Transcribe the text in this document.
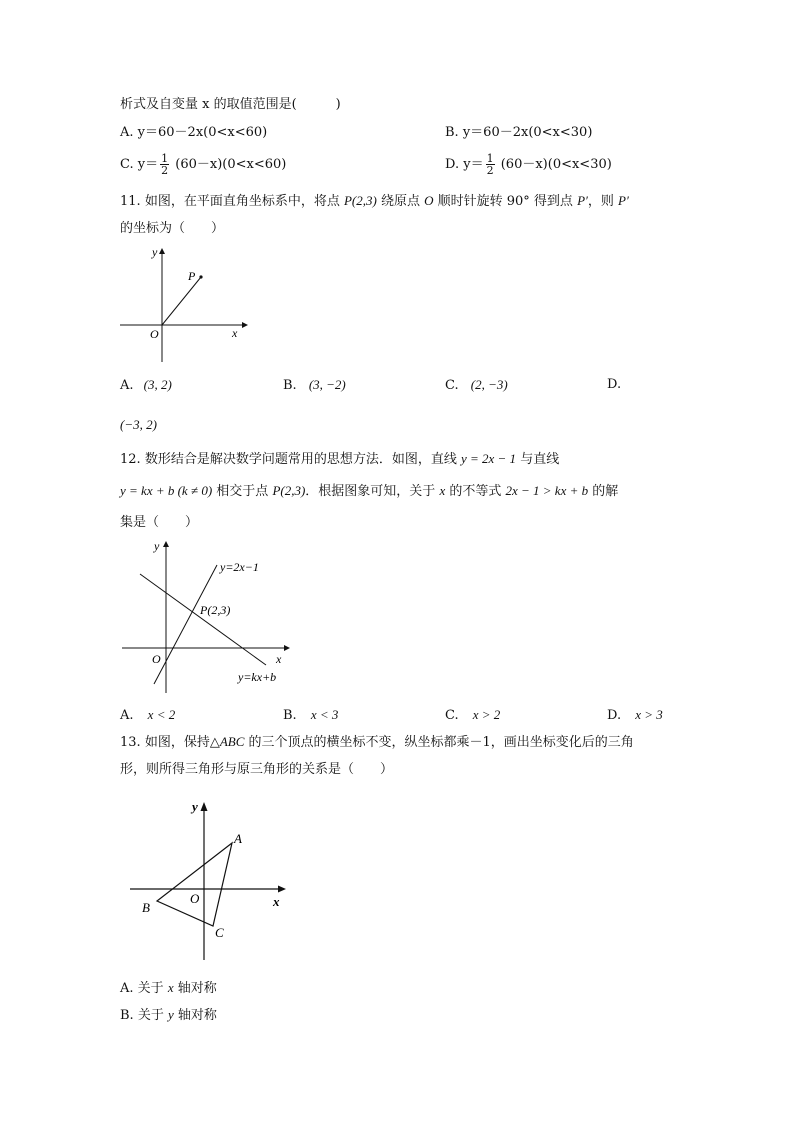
析式及自变量 x 的取值范围是(　　　)
A. y＝60－2x(0<x<60)	B. y＝60－2x(0<x<30)
C. $y= \frac{1}{2} (60-x)(0<x<60)$	D. $y= \frac{1}{2} (60-x)(0<x<30)$
11. 如图，在平面直角坐标系中，将点 P(2,3) 绕原点 O 顺时针旋转 90° 得到点 P′，则 P′
的坐标为（　　）
y
x
O
P
A. (3, 2)	B. (3, −2)	C. (2, −3)	D.
(−3, 2)
12. 数形结合是解决数学问题常用的思想方法．如图，直线 y = 2x − 1 与直线
y = kx + b (k ≠ 0) 相交于点 P(2,3)．根据图象可知，关于 x 的不等式 2x − 1 > kx + b 的解
集是（　　）
y
x
O
y=2x−1
P(2,3)
y=kx+b
A. x < 2	B. x < 3	C. x > 2	D. x > 3
13. 如图，保持△ABC 的三个顶点的横坐标不变，纵坐标都乘－1，画出坐标变化后的三角
形，则所得三角形与原三角形的关系是（　　）
y
x
O
A
B
C
A. 关于 x 轴对称
B. 关于 y 轴对称
